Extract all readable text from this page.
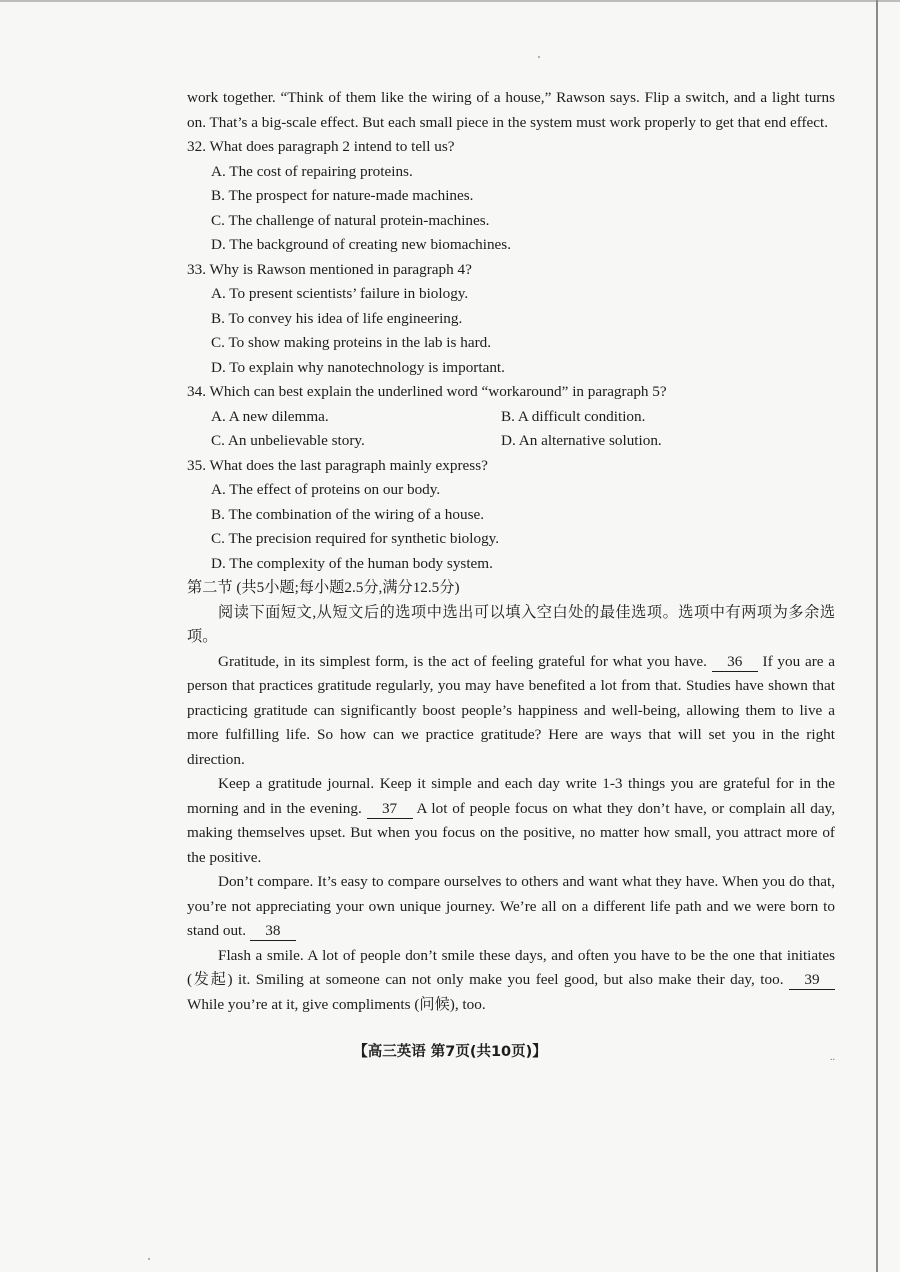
work together. “Think of them like the wiring of a house,” Rawson says. Flip a switch, and a light turns on. That’s a big-scale effect. But each small piece in the system must work properly to get that end effect.

32. What does paragraph 2 intend to tell us?

A. The cost of repairing proteins.

B. The prospect for nature-made machines.

C. The challenge of natural protein-machines.

D. The background of creating new biomachines.

33. Why is Rawson mentioned in paragraph 4?

A. To present scientists’ failure in biology.

B. To convey his idea of life engineering.

C. To show making proteins in the lab is hard.

D. To explain why nanotechnology is important.

34. Which can best explain the underlined word “workaround” in paragraph 5?

A. A new dilemma.	B. A difficult condition.
C. An unbelievable story.	D. An alternative solution.

35. What does the last paragraph mainly express?

A. The effect of proteins on our body.

B. The combination of the wiring of a house.

C. The precision required for synthetic biology.

D. The complexity of the human body system.

第二节 (共5小题;每小题2.5分,满分12.5分)

阅读下面短文,从短文后的选项中选出可以填入空白处的最佳选项。选项中有两项为多余选项。

Gratitude, in its simplest form, is the act of feeling grateful for what you have. 36 If you are a person that practices gratitude regularly, you may have benefited a lot from that. Studies have shown that practicing gratitude can significantly boost people’s happiness and well-being, allowing them to live a more fulfilling life. So how can we practice gratitude? Here are ways that will set you in the right direction.

Keep a gratitude journal. Keep it simple and each day write 1-3 things you are grateful for in the morning and in the evening. 37 A lot of people focus on what they don’t have, or complain all day, making themselves upset. But when you focus on the positive, no matter how small, you attract more of the positive.

Don’t compare. It’s easy to compare ourselves to others and want what they have. When you do that, you’re not appreciating your own unique journey. We’re all on a different life path and we were born to stand out. 38

Flash a smile. A lot of people don’t smile these days, and often you have to be the one that initiates (发起) it. Smiling at someone can not only make you feel good, but also make their day, too. 39 While you’re at it, give compliments (问候), too.

【高三英语 第7页(共10页)】	..
